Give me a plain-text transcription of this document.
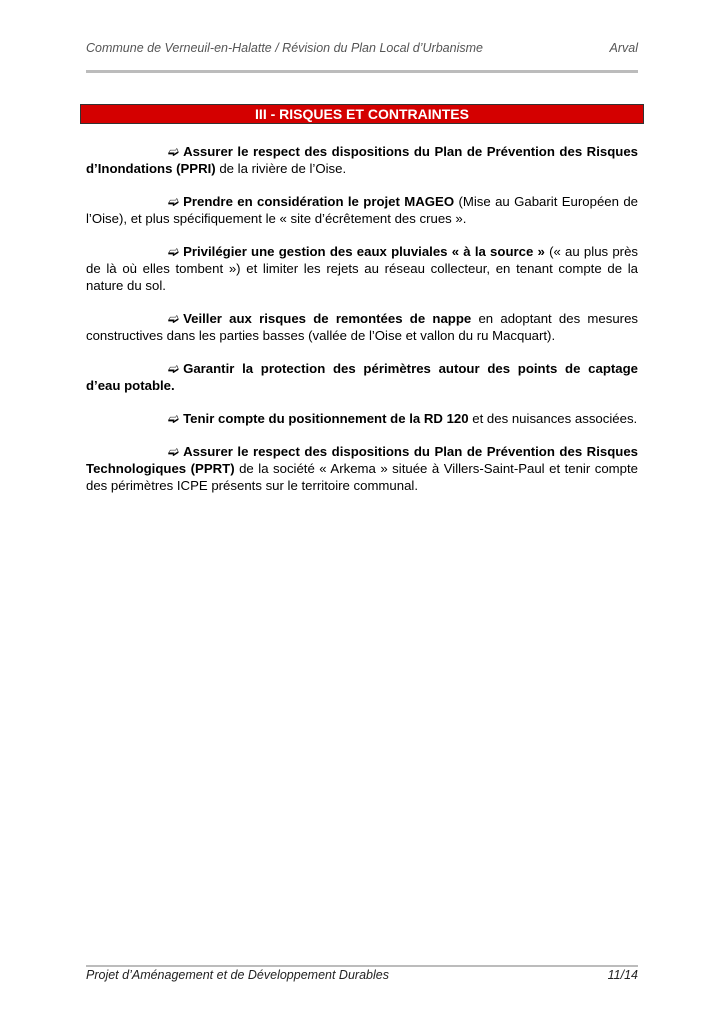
Commune de Verneuil-en-Halatte / Révision du Plan Local d’Urbanisme	Arval
III - RISQUES ET CONTRAINTES

➫ Assurer le respect des dispositions du Plan de Prévention des Risques d’Inondations (PPRI) de la rivière de l’Oise.

➫ Prendre en considération le projet MAGEO (Mise au Gabarit Européen de l’Oise), et plus spécifiquement le « site d’écrêtement des crues ».

➫ Privilégier une gestion des eaux pluviales « à la source » (« au plus près de là où elles tombent ») et limiter les rejets au réseau collecteur, en tenant compte de la nature du sol.

➫ Veiller aux risques de remontées de nappe en adoptant des mesures constructives dans les parties basses (vallée de l’Oise et vallon du ru Macquart).

➫ Garantir la protection des périmètres autour des points de captage d’eau potable.

➫ Tenir compte du positionnement de la RD 120 et des nuisances associées.

➫ Assurer le respect des dispositions du Plan de Prévention des Risques Technologiques (PPRT) de la société « Arkema » située à Villers-Saint-Paul et tenir compte des périmètres ICPE présents sur le territoire communal.

Projet d’Aménagement et de Développement Durables	11/14
